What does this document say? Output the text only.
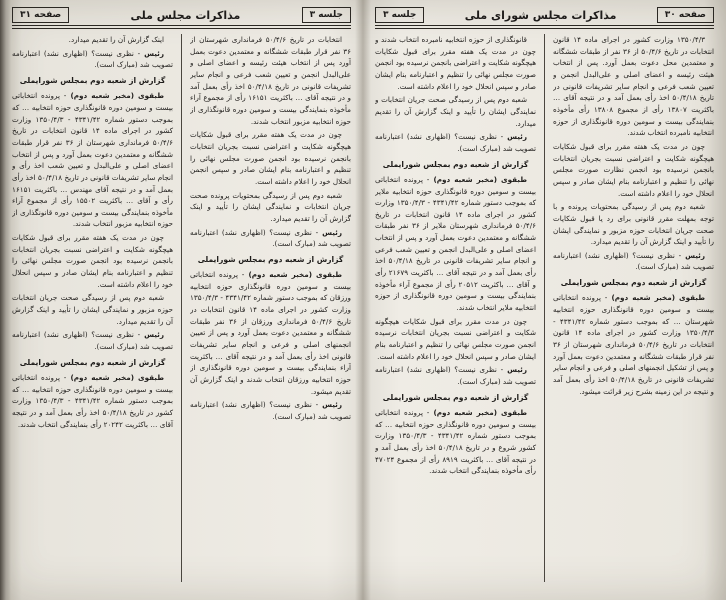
صفحه ۳۰
مذاکرات مجلس شورای ملی
جلسه ۳
۱۳۵۰/۴/۳ وزارت کشور در اجرای ماده ۱۴ قانون انتخابات در تاریخ ۵۰/۴/۶ از ۳۶ نفر از طبقات ششگانه و معتمدین محل دعوت بعمل آورد. پس از انتخاب هیئت رئیسه و اعضای اصلی و علی‌البدل انجمن و تعیین شعب فرعی و انجام سایر تشریفات قانونی در تاریخ ۵۰/۴/۱۸ اخذ رأی بعمل آمد و در نتیجه آقای … باکثریت ۱۳۸۰۷ رأی از مجموع ۱۳۸۰۸ رأی مأخوذه بنمایندگی بیست و سومین دوره قانونگذاری از حوزه انتخابیه نامبرده انتخاب شدند.
چون در مدت یک هفته مقرر برای قبول شکایات هیچگونه شکایت و اعتراضی نسبت بجریان انتخابات بانجمن نرسیده بود انجمن نظارت صورت مجلس نهائی را تنظیم و اعتبارنامه بنام ایشان صادر و سپس انحلال خود را اعلام داشته است.
شعبه دوم پس از رسیدگی بمحتویات پرونده و با توجه بمهلت مقرر قانونی برای رد یا قبول شکایات صحت جریان انتخابات حوزه مزبور و نمایندگی ایشان را تأیید و اینک گزارش آن را تقدیم میدارد.
رئیس - نظری نیست؟ (اظهاری نشد) اعتبارنامه تصویب شد (مبارک است).
گزارش از شعبه دوم بمجلس شورایملی
طبقوی (مخبر شعبه دوم) - پرونده انتخاباتی بیست و سومین دوره قانونگذاری حوزه انتخابیه شهرستان … که بموجب دستور شماره ۴۳۴۱/۴۲ - ۱۳۵۰/۴/۳ وزارت کشور در اجرای ماده ۱۴ قانون انتخابات در تاریخ ۵۰/۴/۶ فرمانداری شهرستان از ۳۶ نفر قرار طبقات ششگانه و معتمدین دعوت بعمل آورد و پس از تشکیل انجمنهای اصلی و فرعی و انجام سایر تشریفات قانونی در تاریخ ۵۰/۴/۱۸ اخذ رأی بعمل آمد و نتیجه در این زمینه بشرح زیر قرائت میشود.
قانونگذاری از حوزه انتخابیه نامبرده انتخاب شدند و چون در مدت یک هفته مقرر برای قبول شکایات هیچگونه شکایت و اعتراضی بانجمن نرسیده بود انجمن صورت مجلس نهائی را تنظیم و اعتبارنامه بنام ایشان صادر و سپس انحلال خود را اعلام داشته است.
شعبه دوم پس از رسیدگی صحت جریان انتخابات و نمایندگی ایشان را تأیید و اینک گزارش آن را تقدیم میدارد.
رئیس - نظری نیست؟ (اظهاری نشد) اعتبارنامه تصویب شد (مبارک است).
گزارش از شعبه دوم بمجلس شورایملی
طبقوی (مخبر شعبه دوم) - پرونده انتخاباتی بیست و سومین دوره قانونگذاری حوزه انتخابیه ملایر که بموجب دستور شماره ۴۳۴۱/۴۲ - ۱۳۵۰/۴/۳ وزارت کشور در اجرای ماده ۱۴ قانون انتخابات در تاریخ ۵۰/۴/۶ فرمانداری شهرستان ملایر از ۳۶ نفر طبقات ششگانه و معتمدین دعوت بعمل آورد و پس از انتخاب اعضای اصلی و علی‌البدل انجمن و تعیین شعب فرعی و انجام سایر تشریفات قانونی در تاریخ ۵۰/۴/۱۸ اخذ رأی بعمل آمد و در نتیجه آقای … باکثریت ۲۱۶۷۹ رأی و آقای … باکثریت ۲۰۵۱۲ رأی از مجموع آراء مأخوذه بنمایندگی بیست و سومین دوره قانونگذاری از حوزه انتخابیه ملایر انتخاب شدند.
چون در مدت مقرر برای قبول شکایات هیچگونه شکایت و اعتراضی نسبت بجریان انتخابات نرسیده انجمن صورت مجلس نهائی را تنظیم و اعتبارنامه بنام ایشان صادر و سپس انحلال خود را اعلام داشته است.
رئیس - نظری نیست؟ (اظهاری نشد) اعتبارنامه تصویب شد (مبارک است).
گزارش از شعبه دوم بمجلس شورایملی
طبقوی (مخبر شعبه دوم) - پرونده انتخاباتی بیست و سومین دوره قانونگذاری حوزه انتخابیه … که بموجب دستور شماره ۴۳۴۱/۴۲ - ۱۳۵۰/۴/۳ وزارت کشور شروع و در تاریخ ۵۰/۴/۱۸ اخذ رأی بعمل آمد و در نتیجه آقای … باکثریت ۸۹۱۹ رأی از مجموع ۴۷۰۲۴ رأی مأخوذه بنمایندگی انتخاب شدند.
جلسه ۳
مذاکرات مجلس ملی
صفحه ۳۱
انتخابات در تاریخ ۵۰/۴/۶ فرمانداری شهرستان از ۳۶ نفر قرار طبقات ششگانه و معتمدین دعوت بعمل آورد پس از انتخاب هیئت رئیسه و اعضای اصلی و علی‌البدل انجمن و تعیین شعب فرعی و انجام سایر تشریفات قانونی در تاریخ ۵۰/۴/۱۸ اخذ رأی بعمل آمد و در نتیجه آقای … باکثریت ۱۶۱۵۱ رأی از مجموع آراء مأخوذه بنمایندگی بیست و سومین دوره قانونگذاری از حوزه انتخابیه مزبور انتخاب شدند.
چون در مدت یک هفته مقرر برای قبول شکایات هیچگونه شکایت و اعتراضی نسبت بجریان انتخابات بانجمن نرسیده بود انجمن صورت مجلس نهائی را تنظیم و اعتبارنامه بنام ایشان صادر و سپس انجمن انحلال خود را اعلام داشته است.
شعبه دوم پس از رسیدگی بمحتویات پرونده صحت جریان انتخابات و نمایندگی ایشان را تأیید و اینک گزارش آن را تقدیم میدارد.
رئیس - نظری نیست؟ (اظهاری نشد) اعتبارنامه تصویب شد (مبارک است).
گزارش از شعبه دوم بمجلس شورایملی
طبقوی (مخبر شعبه دوم) - پرونده انتخاباتی بیست و سومین دوره قانونگذاری حوزه انتخابیه ورزقان که بموجب دستور شماره ۴۳۴۱/۴۲ - ۱۳۵۰/۴/۳ وزارت کشور در اجرای ماده ۱۴ قانون انتخابات در تاریخ ۵۰/۴/۶ فرمانداری ورزقان از ۳۶ نفر طبقات ششگانه و معتمدین دعوت بعمل آورد و پس از تعیین انجمنهای اصلی و فرعی و انجام سایر تشریفات قانونی اخذ رأی بعمل آمد و در نتیجه آقای … باکثریت آراء بنمایندگی بیست و سومین دوره قانونگذاری از حوزه انتخابیه ورزقان انتخاب شدند و اینک گزارش آن تقدیم میشود.
رئیس - نظری نیست؟ (اظهاری نشد) اعتبارنامه تصویب شد (مبارک است).
اینک گزارش آن را تقدیم میدارد.
رئیس - نظری نیست؟ (اظهاری نشد) اعتبارنامه تصویب شد (مبارک است).
گزارش از شعبه دوم بمجلس شورایملی
طبقوی (مخبر شعبه دوم) - پرونده انتخاباتی بیست و سومین دوره قانونگذاری حوزه انتخابیه … که بموجب دستور شماره ۴۳۴۱/۴۲ - ۱۳۵۰/۴/۳ وزارت کشور در اجرای ماده ۱۴ قانون انتخابات در تاریخ ۵۰/۴/۶ فرمانداری شهرستان از ۳۶ نفر قرار طبقات ششگانه و معتمدین دعوت بعمل آورد و پس از انتخاب اعضای اصلی و علی‌البدل و تعیین شعب اخذ رأی و انجام سایر تشریفات قانونی در تاریخ ۵۰/۴/۱۸ اخذ رأی بعمل آمد و در نتیجه آقای مهندس … باکثریت ۱۶۱۵۱ رأی و آقای … باکثریت ۱۵۵۰۲ رأی از مجموع آراء مأخوذه بنمایندگی بیست و سومین دوره قانونگذاری از حوزه انتخابیه مزبور انتخاب شدند.
چون در مدت یک هفته مقرر برای قبول شکایات هیچگونه شکایت و اعتراضی نسبت بجریان انتخابات بانجمن نرسیده بود انجمن صورت مجلس نهائی را تنظیم و اعتبارنامه بنام ایشان صادر و سپس انحلال خود را اعلام داشته است.
شعبه دوم پس از رسیدگی صحت جریان انتخابات حوزه مزبور و نمایندگی ایشان را تأیید و اینک گزارش آن را تقدیم میدارد.
رئیس - نظری نیست؟ (اظهاری نشد) اعتبارنامه تصویب شد (مبارک است).
گزارش از شعبه دوم بمجلس شورایملی
طبقوی (مخبر شعبه دوم) - پرونده انتخاباتی بیست و سومین دوره قانونگذاری حوزه انتخابیه … که بموجب دستور شماره ۴۳۴۱/۴۲ - ۱۳۵۰/۴/۳ وزارت کشور در تاریخ ۵۰/۴/۱۸ اخذ رأی بعمل آمد و در نتیجه آقای … باکثریت ۲۰۲۴۲ رأی بنمایندگی انتخاب شدند.
